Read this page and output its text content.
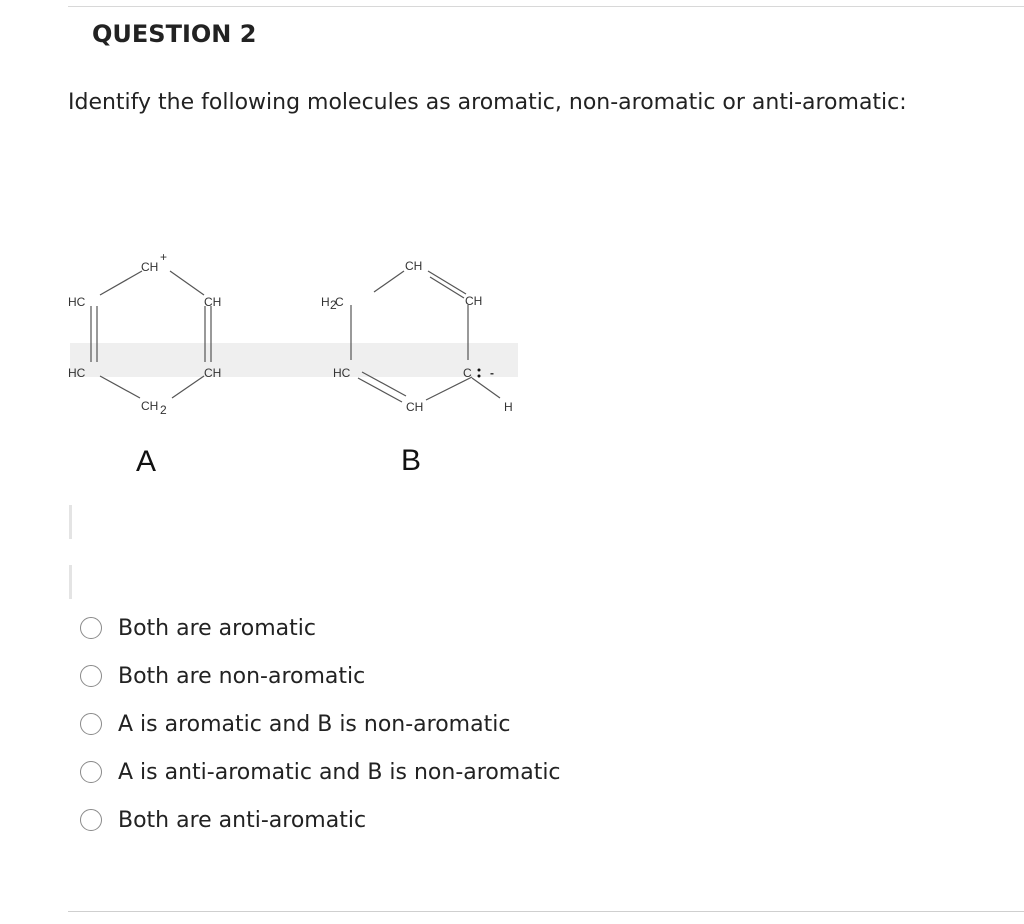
QUESTION 2
Identify the following molecules as aromatic, non-aromatic or anti-aromatic:
CH
+
HC	CH
HC	CH
CH 2
A
CH
H 2
C	CH
HC
CH
C -
H
B
Both are aromatic
Both are non-aromatic
A is aromatic and B is non-aromatic
A is anti-aromatic and B is non-aromatic
Both are anti-aromatic
